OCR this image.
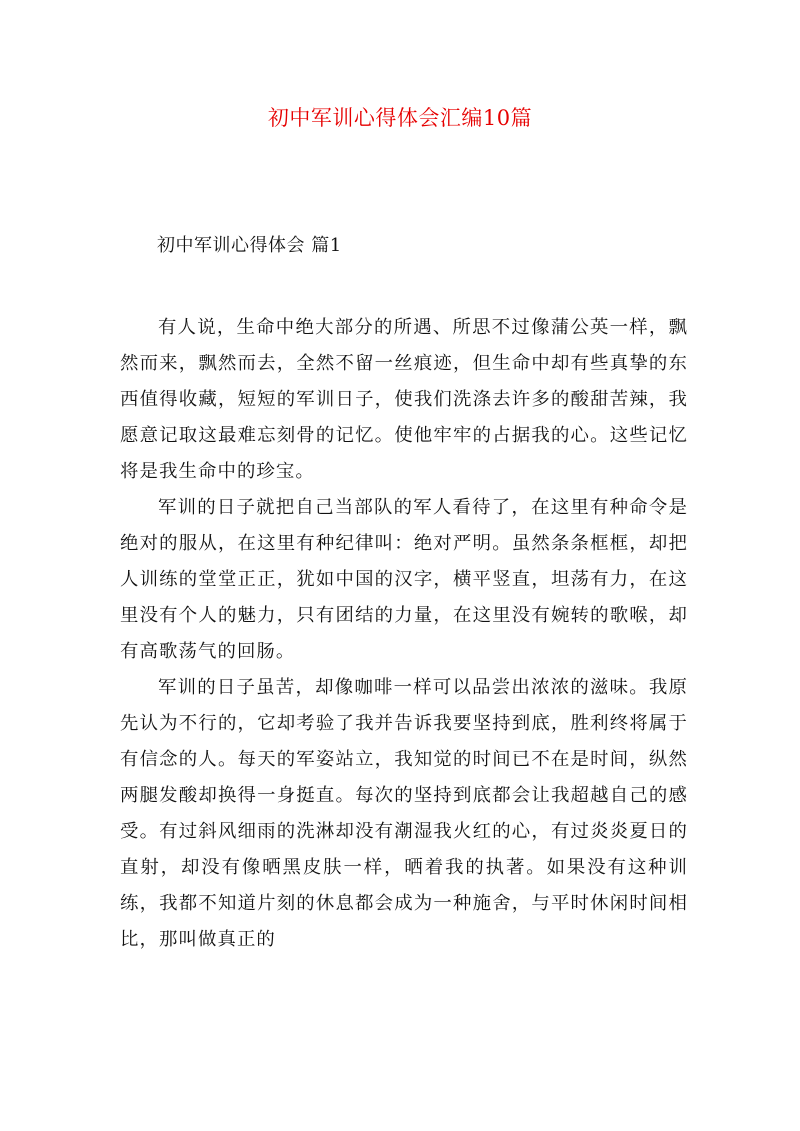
初中军训心得体会汇编10篇
初中军训心得体会 篇1

有人说，生命中绝大部分的所遇、所思不过像蒲公英一样，飘然而来，飘然而去，全然不留一丝痕迹，但生命中却有些真挚的东西值得收藏，短短的军训日子，使我们洗涤去许多的酸甜苦辣，我愿意记取这最难忘刻骨的记忆。使他牢牢的占据我的心。这些记忆将是我生命中的珍宝。

军训的日子就把自己当部队的军人看待了，在这里有种命令是绝对的服从，在这里有种纪律叫：绝对严明。虽然条条框框，却把人训练的堂堂正正，犹如中国的汉字，横平竖直，坦荡有力，在这里没有个人的魅力，只有团结的力量，在这里没有婉转的歌喉，却有高歌荡气的回肠。

军训的日子虽苦，却像咖啡一样可以品尝出浓浓的滋味。我原先认为不行的，它却考验了我并告诉我要坚持到底，胜利终将属于有信念的人。每天的军姿站立，我知觉的时间已不在是时间，纵然两腿发酸却换得一身挺直。每次的坚持到底都会让我超越自己的感受。有过斜风细雨的洗淋却没有潮湿我火红的心，有过炎炎夏日的直射，却没有像晒黑皮肤一样，晒着我的执著。如果没有这种训练，我都不知道片刻的休息都会成为一种施舍，与平时休闲时间相比，那叫做真正的
